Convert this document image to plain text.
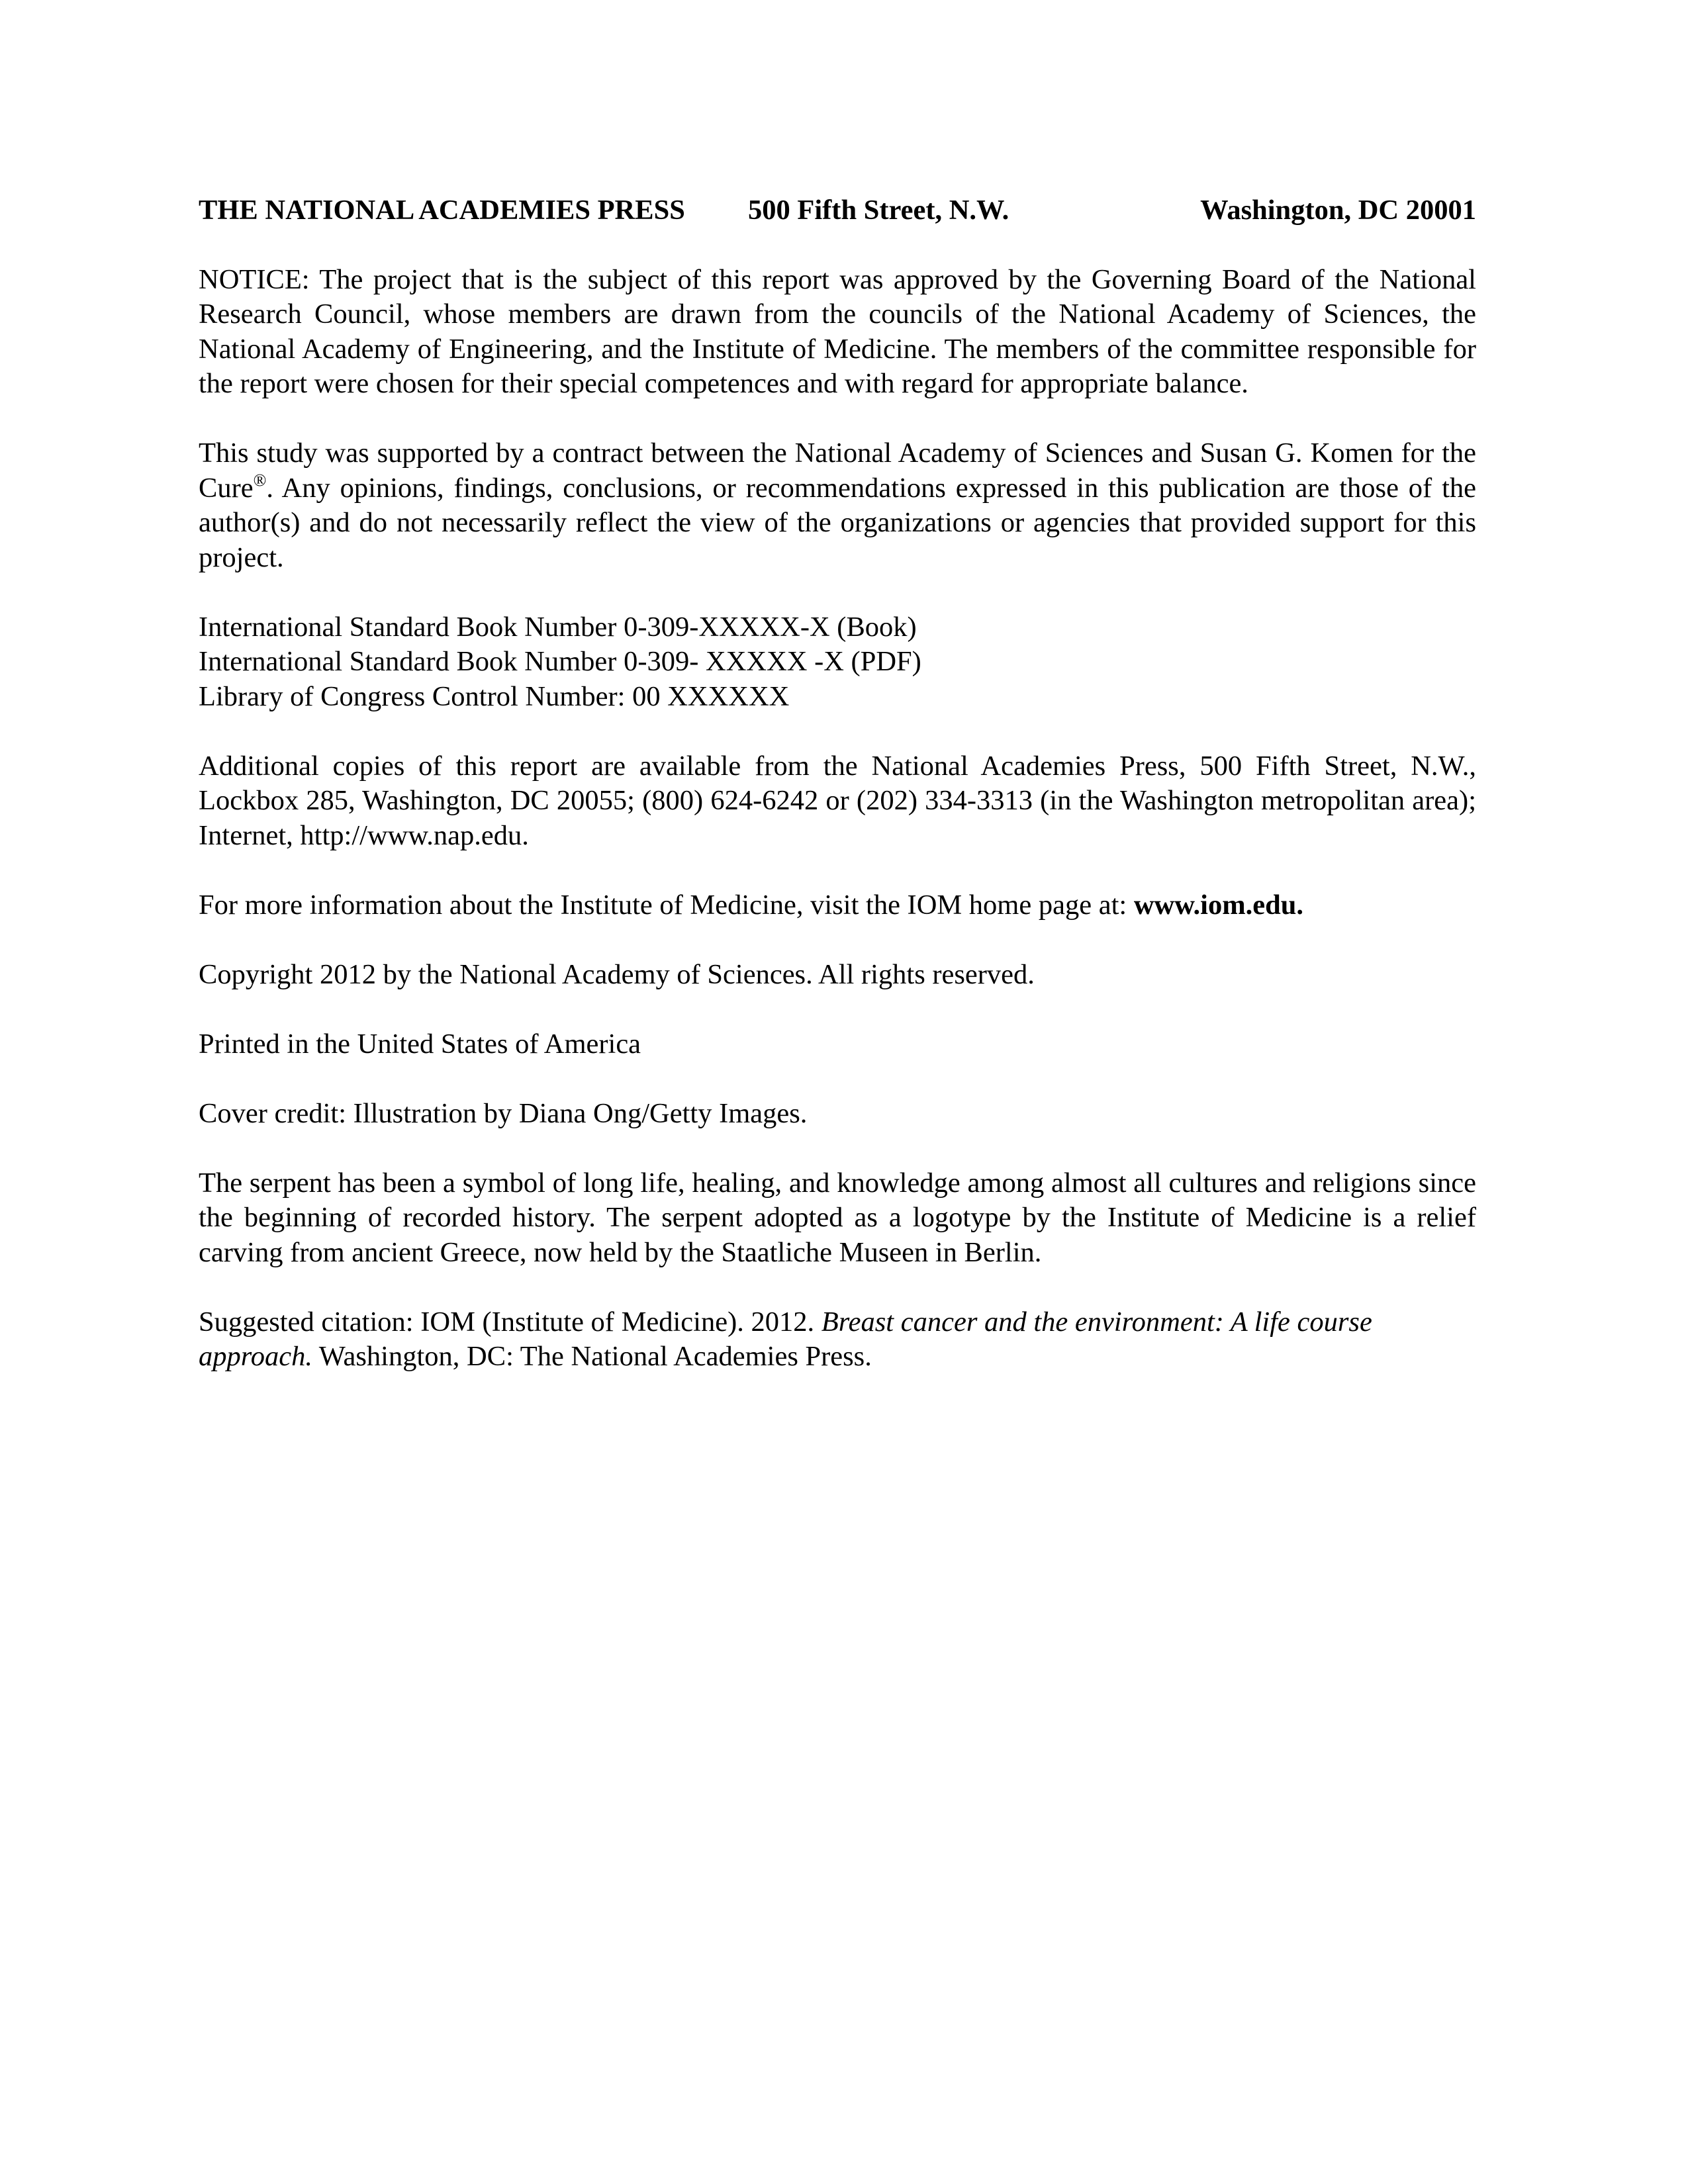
THE NATIONAL ACADEMIES PRESS	500 Fifth Street, N.W.	Washington, DC 20001

NOTICE: The project that is the subject of this report was approved by the Governing Board of the National Research Council, whose members are drawn from the councils of the National Academy of Sciences, the National Academy of Engineering, and the Institute of Medicine. The members of the committee responsible for the report were chosen for their special competences and with regard for appropriate balance.

This study was supported by a contract between the National Academy of Sciences and Susan G. Komen for the Cure®. Any opinions, findings, conclusions, or recommendations expressed in this publication are those of the author(s) and do not necessarily reflect the view of the organizations or agencies that provided support for this project.

International Standard Book Number 0-309-XXXXX-X (Book)
International Standard Book Number 0-309- XXXXX -X (PDF)
Library of Congress Control Number: 00 XXXXXX

Additional copies of this report are available from the National Academies Press, 500 Fifth Street, N.W., Lockbox 285, Washington, DC 20055; (800) 624-6242 or (202) 334-3313 (in the Washington metropolitan area); Internet, http://www.nap.edu.

For more information about the Institute of Medicine, visit the IOM home page at: www.iom.edu.

Copyright 2012 by the National Academy of Sciences. All rights reserved.

Printed in the United States of America

Cover credit: Illustration by Diana Ong/Getty Images.

The serpent has been a symbol of long life, healing, and knowledge among almost all cultures and religions since the beginning of recorded history. The serpent adopted as a logotype by the Institute of Medicine is a relief carving from ancient Greece, now held by the Staatliche Museen in Berlin.

Suggested citation: IOM (Institute of Medicine). 2012. Breast cancer and the environment: A life course approach. Washington, DC: The National Academies Press.
